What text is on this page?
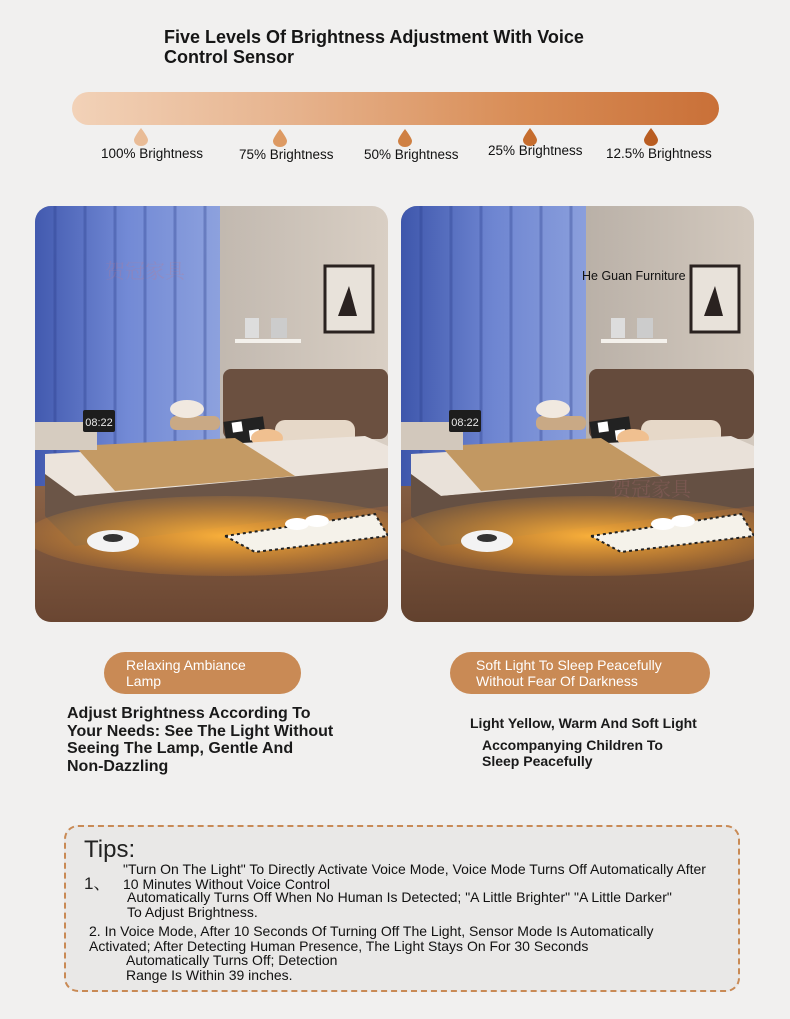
Five Levels Of Brightness Adjustment With Voice
Control Sensor
100% Brightness	75% Brightness 50% Brightness 25% Brightness 12.5% Brightness
08:22
贺冠家具
08:22
He Guan Furniture
贺冠家具
Relaxing Ambiance
Lamp
Soft Light To Sleep Peacefully
Without Fear Of Darkness
Adjust Brightness According To
Your Needs: See The Light Without
Seeing The Lamp, Gentle And
Non-Dazzling
Light Yellow, Warm And Soft Light
Accompanying Children To
Sleep Peacefully
Tips:
1、
"Turn On The Light" To Directly Activate Voice Mode, Voice Mode Turns Off Automatically After
10 Minutes Without Voice Control
Automatically Turns Off When No Human Is Detected; "A Little Brighter" "A Little Darker"
To Adjust Brightness.
2. In Voice Mode, After 10 Seconds Of Turning Off The Light, Sensor Mode Is Automatically
Activated; After Detecting Human Presence, The Light Stays On For 30 Seconds
Automatically Turns Off; Detection
Range Is Within 39 inches.
